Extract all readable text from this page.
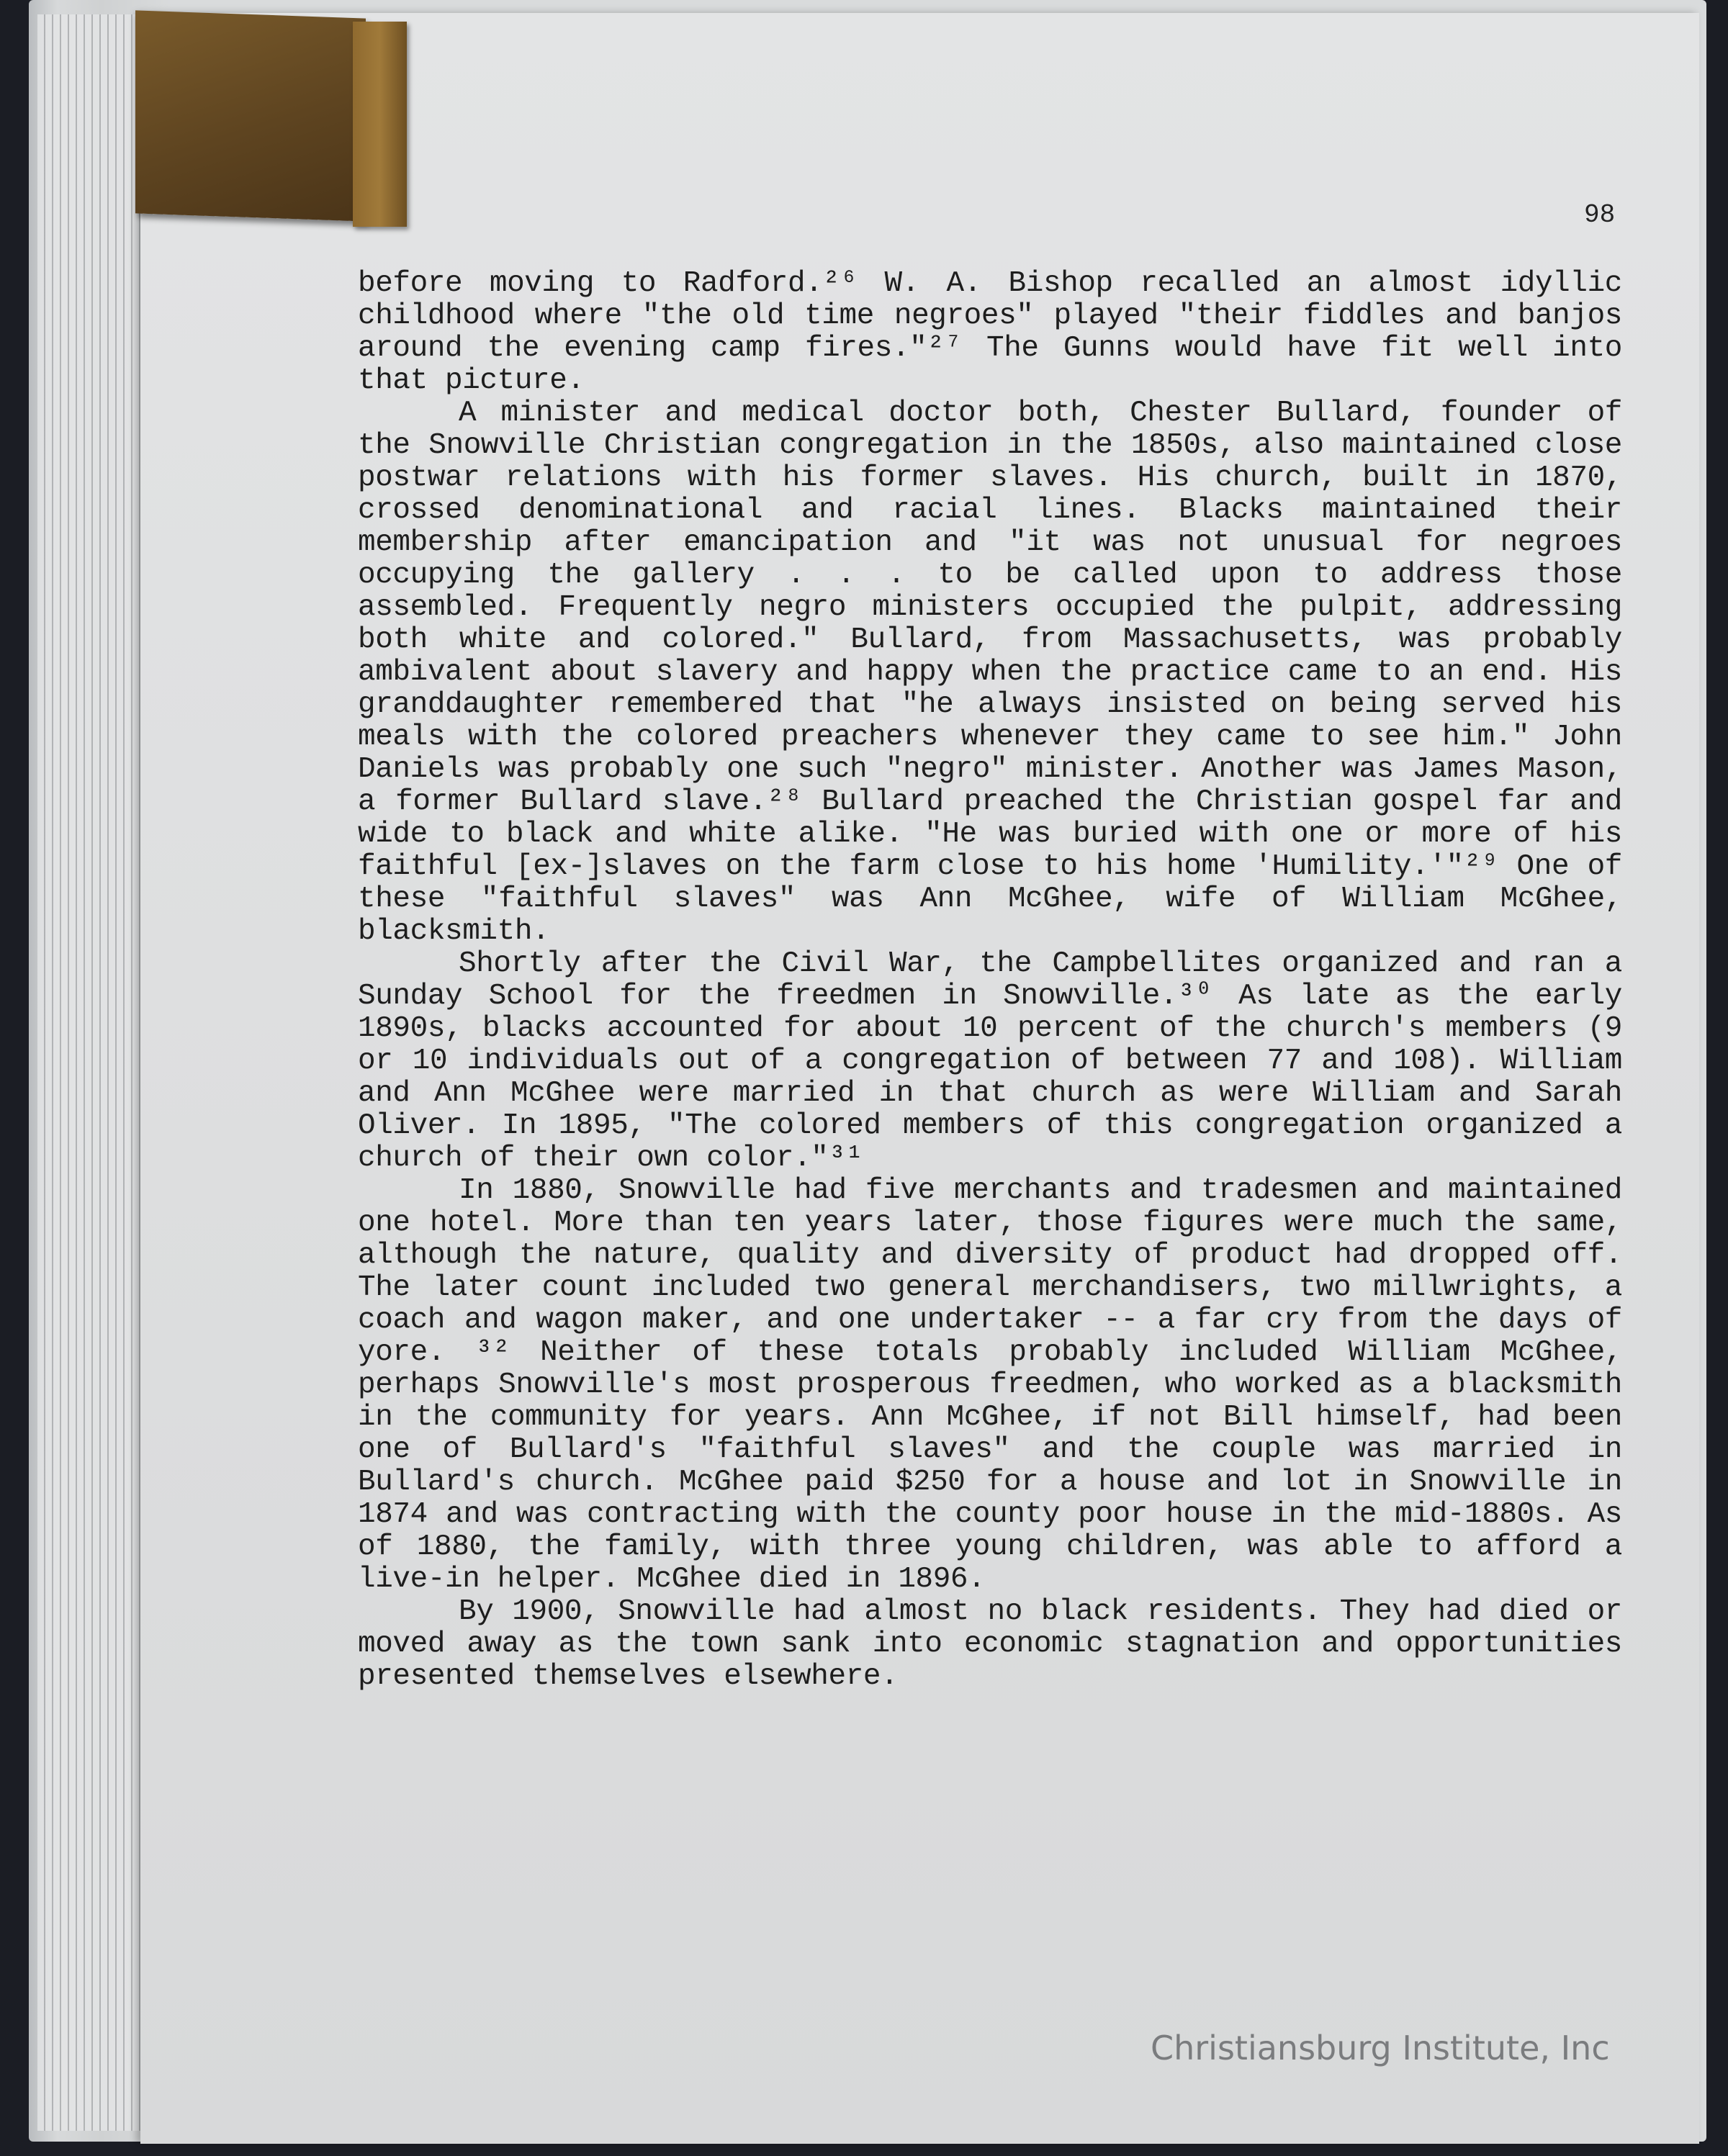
98

before moving to Radford.²⁶ W. A. Bishop recalled an almost idyllic childhood where "the old time negroes" played "their fiddles and banjos around the evening camp fires."²⁷ The Gunns would have fit well into that picture.

A minister and medical doctor both, Chester Bullard, founder of the Snowville Christian congregation in the 1850s, also maintained close postwar relations with his former slaves. His church, built in 1870, crossed denominational and racial lines. Blacks maintained their membership after emancipation and "it was not unusual for negroes occupying the gallery . . . to be called upon to address those assembled. Frequently negro ministers occupied the pulpit, addressing both white and colored." Bullard, from Massachusetts, was probably ambivalent about slavery and happy when the practice came to an end. His granddaughter remembered that "he always insisted on being served his meals with the colored preachers whenever they came to see him." John Daniels was probably one such "negro" minister. Another was James Mason, a former Bullard slave.²⁸ Bullard preached the Christian gospel far and wide to black and white alike. "He was buried with one or more of his faithful [ex-]slaves on the farm close to his home 'Humility.'"²⁹ One of these "faithful slaves" was Ann McGhee, wife of William McGhee, blacksmith.

Shortly after the Civil War, the Campbellites organized and ran a Sunday School for the freedmen in Snowville.³⁰ As late as the early 1890s, blacks accounted for about 10 percent of the church's members (9 or 10 individuals out of a congregation of between 77 and 108). William and Ann McGhee were married in that church as were William and Sarah Oliver. In 1895, "The colored members of this congregation organized a church of their own color."³¹

In 1880, Snowville had five merchants and tradesmen and maintained one hotel. More than ten years later, those figures were much the same, although the nature, quality and diversity of product had dropped off. The later count included two general merchandisers, two millwrights, a coach and wagon maker, and one undertaker -- a far cry from the days of yore. ³² Neither of these totals probably included William McGhee, perhaps Snowville's most prosperous freedmen, who worked as a blacksmith in the community for years. Ann McGhee, if not Bill himself, had been one of Bullard's "faithful slaves" and the couple was married in Bullard's church. McGhee paid $250 for a house and lot in Snowville in 1874 and was contracting with the county poor house in the mid-1880s. As of 1880, the family, with three young children, was able to afford a live-in helper. McGhee died in 1896.

By 1900, Snowville had almost no black residents. They had died or moved away as the town sank into economic stagnation and opportunities presented themselves elsewhere.

Christiansburg Institute, Inc
